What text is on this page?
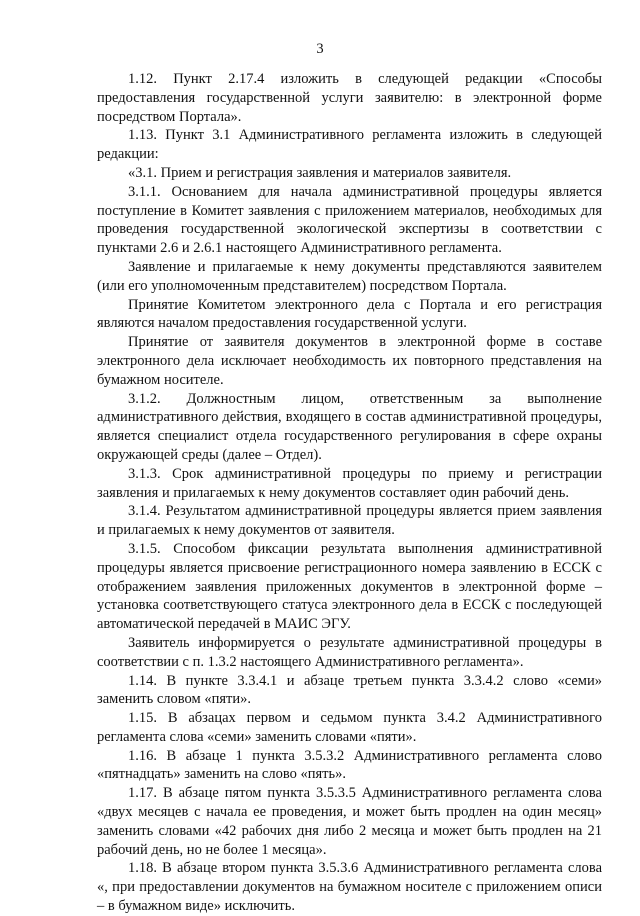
3

1.12. Пункт 2.17.4 изложить в следующей редакции «Способы предоставления государственной услуги заявителю: в электронной форме посредством Портала».

1.13. Пункт 3.1 Административного регламента изложить в следующей редакции:

«3.1. Прием и регистрация заявления и материалов заявителя.

3.1.1. Основанием для начала административной процедуры является поступление в Комитет заявления с приложением материалов, необходимых для проведения государственной экологической экспертизы в соответствии с пунктами 2.6 и 2.6.1 настоящего Административного регламента.

Заявление и прилагаемые к нему документы представляются заявителем (или его уполномоченным представителем) посредством Портала.

Принятие Комитетом электронного дела с Портала и его регистрация являются началом предоставления государственной услуги.

Принятие от заявителя документов в электронной форме в составе электронного дела исключает необходимость их повторного представления на бумажном носителе.

3.1.2. Должностным лицом, ответственным за выполнение административного действия, входящего в состав административной процедуры, является специалист отдела государственного регулирования в сфере охраны окружающей среды (далее – Отдел).

3.1.3. Срок административной процедуры по приему и регистрации заявления и прилагаемых к нему документов составляет один рабочий день.

3.1.4. Результатом административной процедуры является прием заявления и прилагаемых к нему документов от заявителя.

3.1.5. Способом фиксации результата выполнения административной процедуры является присвоение регистрационного номера заявлению в ЕССК с отображением заявления приложенных документов в электронной форме – установка соответствующего статуса электронного дела в ЕССК с последующей автоматической передачей в МАИС ЭГУ.

Заявитель информируется о результате административной процедуры в соответствии с п. 1.3.2 настоящего Административного регламента».

1.14. В пункте 3.3.4.1 и абзаце третьем пункта 3.3.4.2 слово «семи» заменить словом «пяти».

1.15. В абзацах первом и седьмом пункта 3.4.2 Административного регламента слова «семи» заменить словами «пяти».

1.16. В абзаце 1 пункта 3.5.3.2 Административного регламента слово «пятнадцать» заменить на слово «пять».

1.17. В абзаце пятом пункта 3.5.3.5 Административного регламента слова «двух месяцев с начала ее проведения, и может быть продлен на один месяц» заменить словами «42 рабочих дня либо 2 месяца и может быть продлен на 21 рабочий день, но не более 1 месяца».

1.18. В абзаце втором пункта 3.5.3.6 Административного регламента слова «, при предоставлении документов на бумажном носителе с приложением описи – в бумажном виде» исключить.
